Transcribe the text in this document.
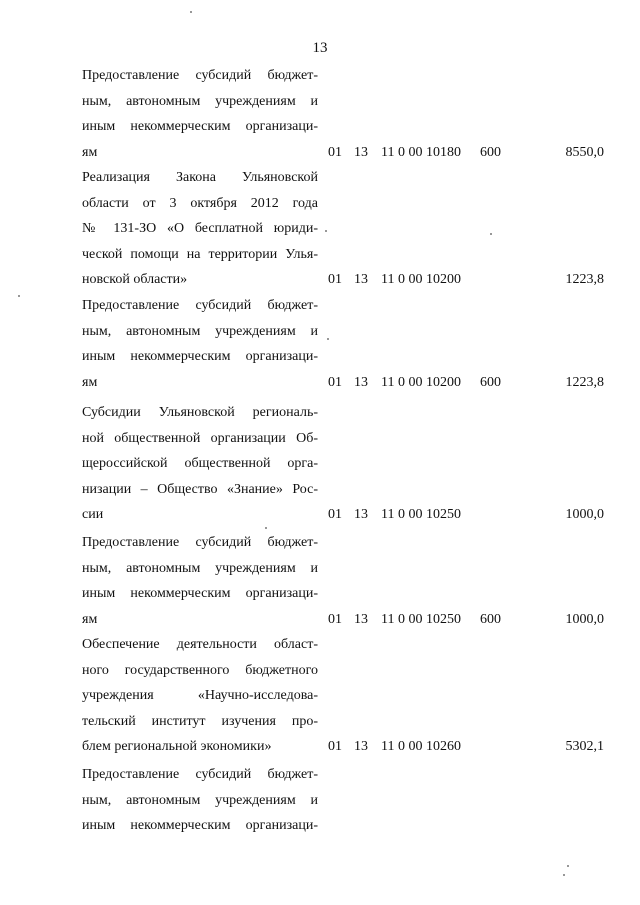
13
Предоставление субсидий бюджет-
ным, автономным учреждениям и
иным некоммерческим организаци-
ям	01 13 11 0 00 10180 600	8550,0
Реализация Закона Ульяновской
области от 3 октября 2012 года
№ 131-ЗО «О бесплатной юриди-
ческой помощи на территории Улья-
новской области»	01 13 11 0 00 10200	1223,8
Предоставление субсидий бюджет-
ным, автономным учреждениям и
иным некоммерческим организаци-
ям	01 13 11 0 00 10200 600	1223,8
Субсидии Ульяновской региональ-
ной общественной организации Об-
щероссийской общественной орга-
низации – Общество «Знание» Рос-
сии	01 13 11 0 00 10250	1000,0
Предоставление субсидий бюджет-
ным, автономным учреждениям и
иным некоммерческим организаци-
ям	01 13 11 0 00 10250 600	1000,0
Обеспечение деятельности област-
ного государственного бюджетного
учреждения «Научно-исследова-
тельский институт изучения про-
блем региональной экономики»	01 13 11 0 00 10260	5302,1
Предоставление субсидий бюджет-
ным, автономным учреждениям и
иным некоммерческим организаци-
